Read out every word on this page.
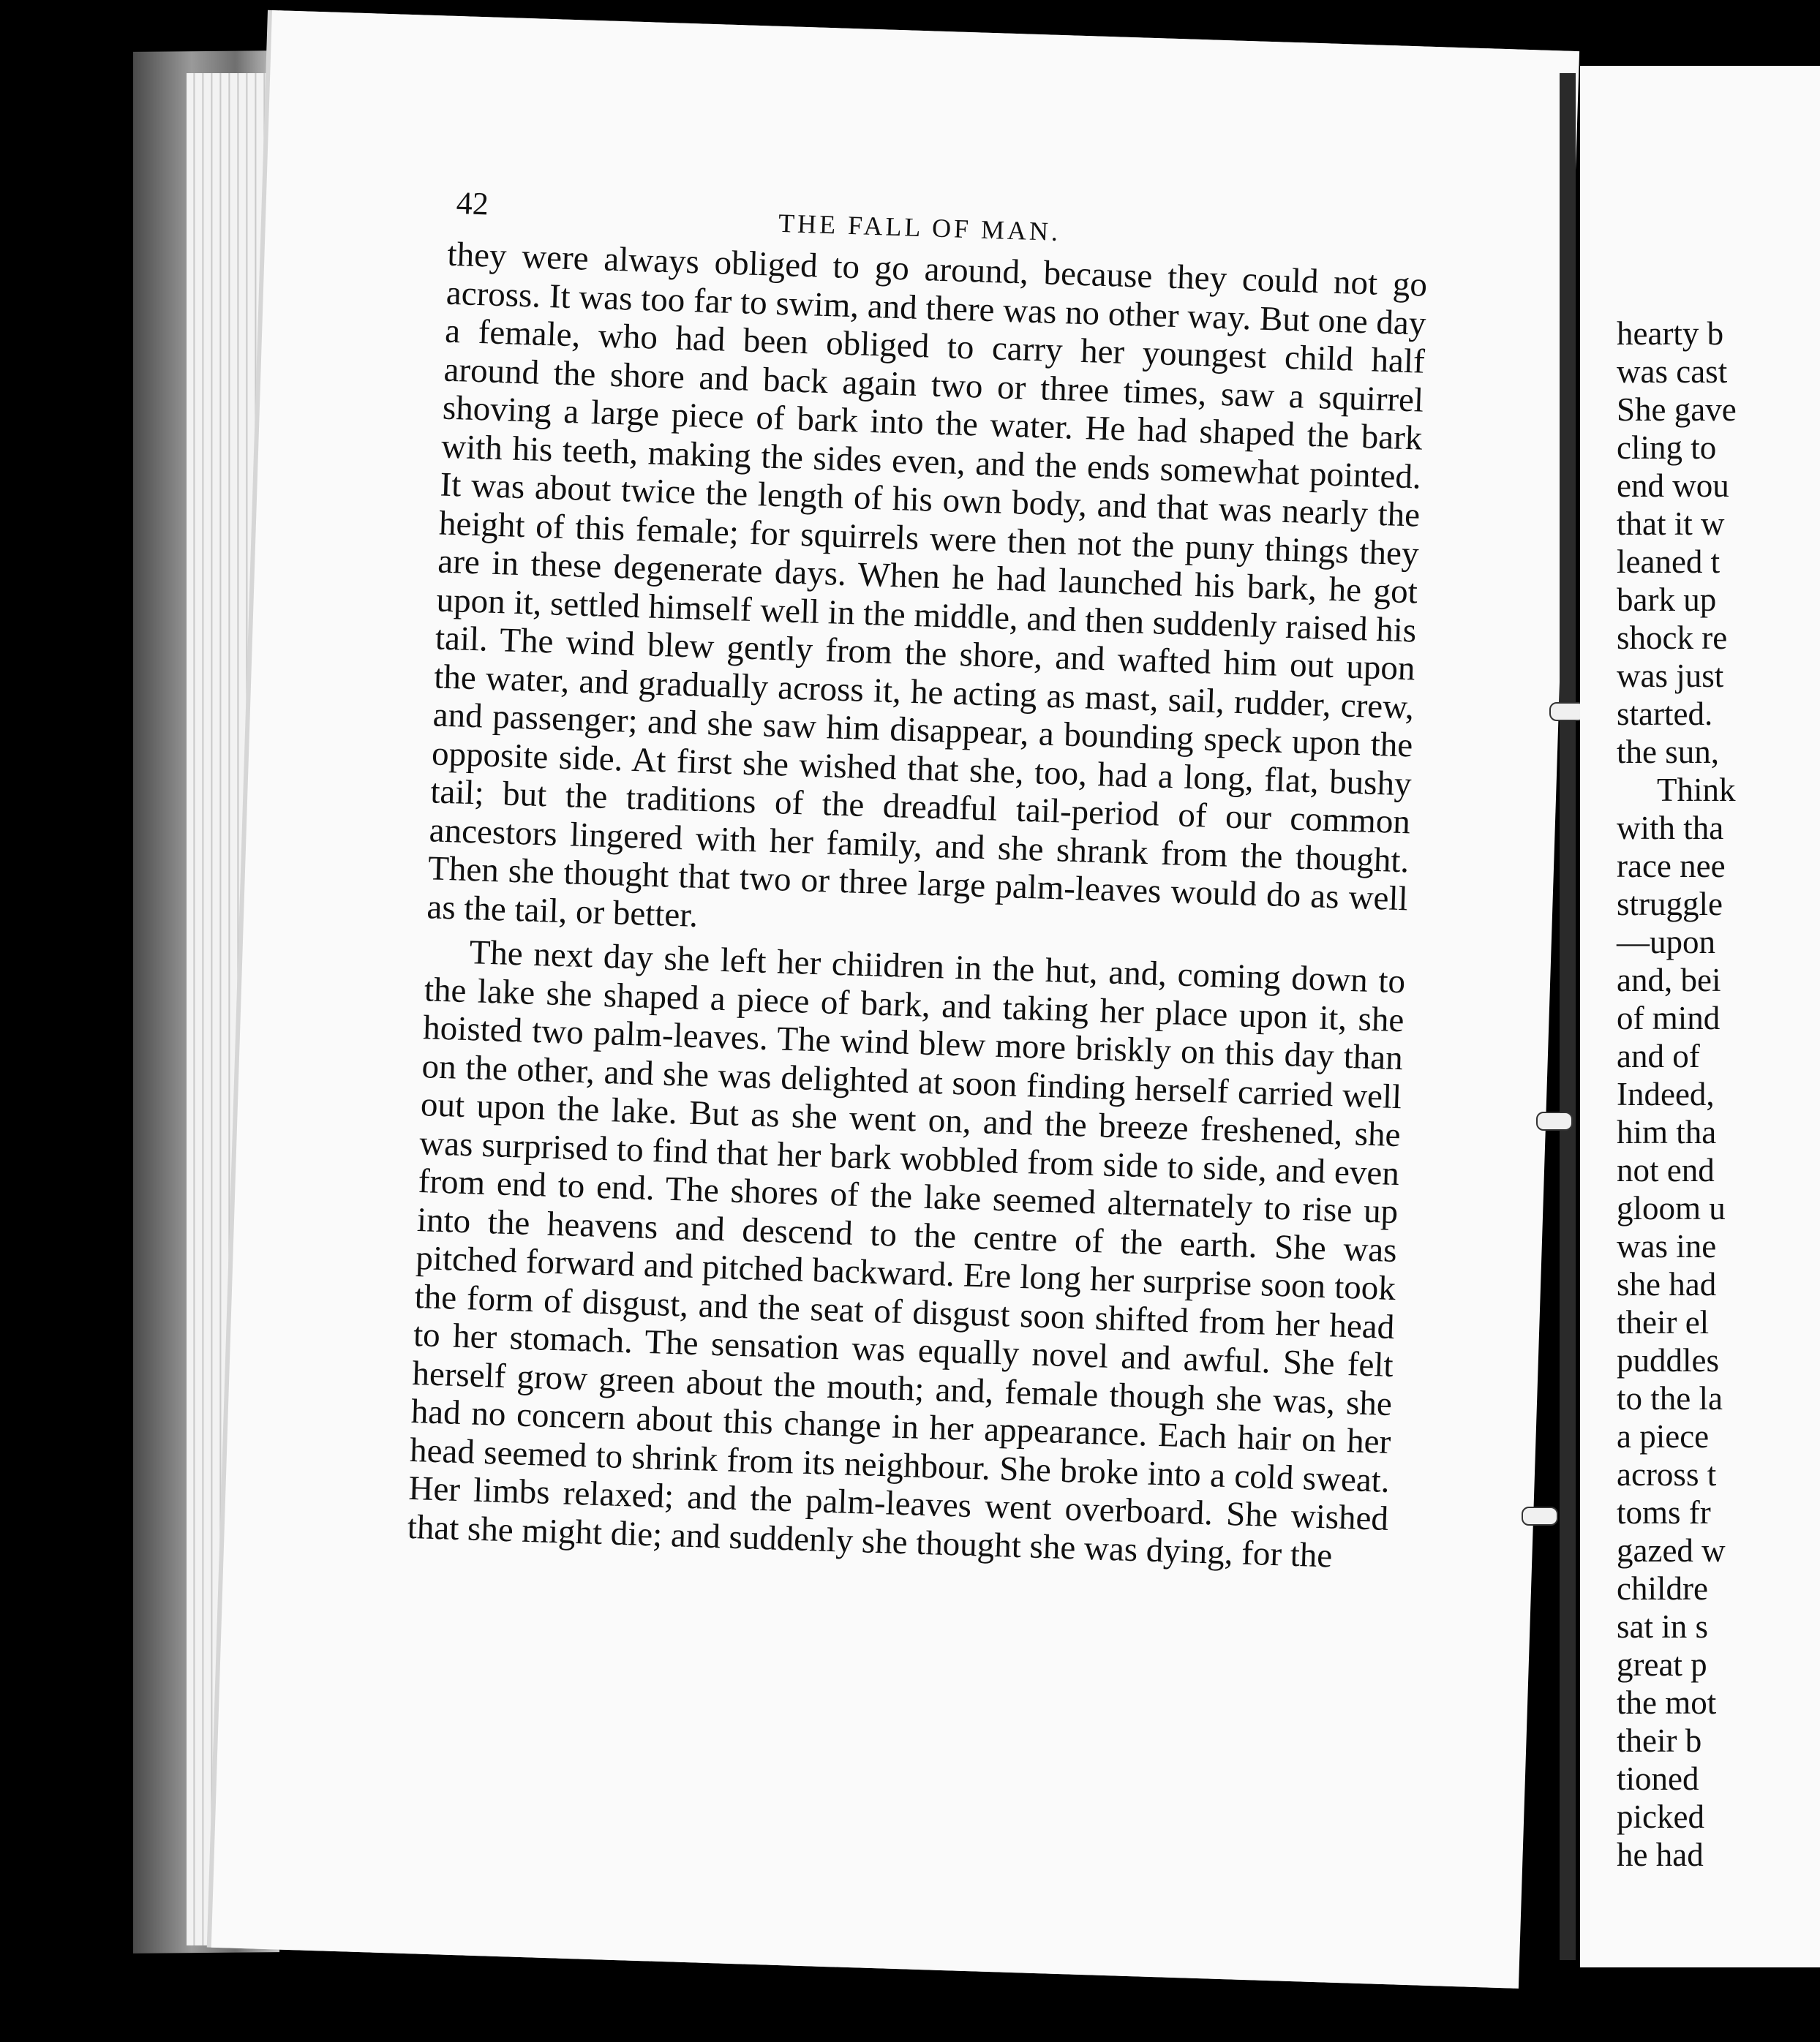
42
THE FALL OF MAN.

they were always obliged to go around, because they could not go across. It was too far to swim, and there was no other way. But one day a female, who had been obliged to carry her youngest child half around the shore and back again two or three times, saw a squirrel shoving a large piece of bark into the water. He had shaped the bark with his teeth, making the sides even, and the ends somewhat pointed. It was about twice the length of his own body, and that was nearly the height of this female; for squirrels were then not the puny things they are in these degenerate days. When he had launched his bark, he got upon it, settled himself well in the middle, and then suddenly raised his tail. The wind blew gently from the shore, and wafted him out upon the water, and gradually across it, he acting as mast, sail, rudder, crew, and passenger; and she saw him disappear, a bounding speck upon the opposite side. At first she wished that she, too, had a long, flat, bushy tail; but the traditions of the dreadful tail-period of our common ancestors lingered with her family, and she shrank from the thought. Then she thought that two or three large palm-leaves would do as well as the tail, or better.

The next day she left her chiidren in the hut, and, coming down to the lake she shaped a piece of bark, and taking her place upon it, she hoisted two palm-leaves. The wind blew more briskly on this day than on the other, and she was delighted at soon finding herself carried well out upon the lake. But as she went on, and the breeze freshened, she was surprised to find that her bark wobbled from side to side, and even from end to end. The shores of the lake seemed alternately to rise up into the heavens and descend to the centre of the earth. She was pitched forward and pitched backward. Ere long her surprise soon took the form of disgust, and the seat of disgust soon shifted from her head to her stomach. The sensation was equally novel and awful. She felt herself grow green about the mouth; and, female though she was, she had no concern about this change in her appearance. Each hair on her head seemed to shrink from its neighbour. She broke into a cold sweat. Her limbs relaxed; and the palm-leaves went overboard. She wished that she might die; and suddenly she thought she was dying, for the

hearty b
was cast
She gave
cling to
end wou
that it w
leaned t
bark up
shock re
was just
started.
the sun,
Think
with tha
race nee
struggle
—upon
and, bei
of mind
and of
Indeed,
him tha
not end
gloom u
was ine
she had
their el
puddles
to the la
a piece
across t
toms fr
gazed w
childre
sat in s
great p
the mot
their b
tioned
picked
he had
